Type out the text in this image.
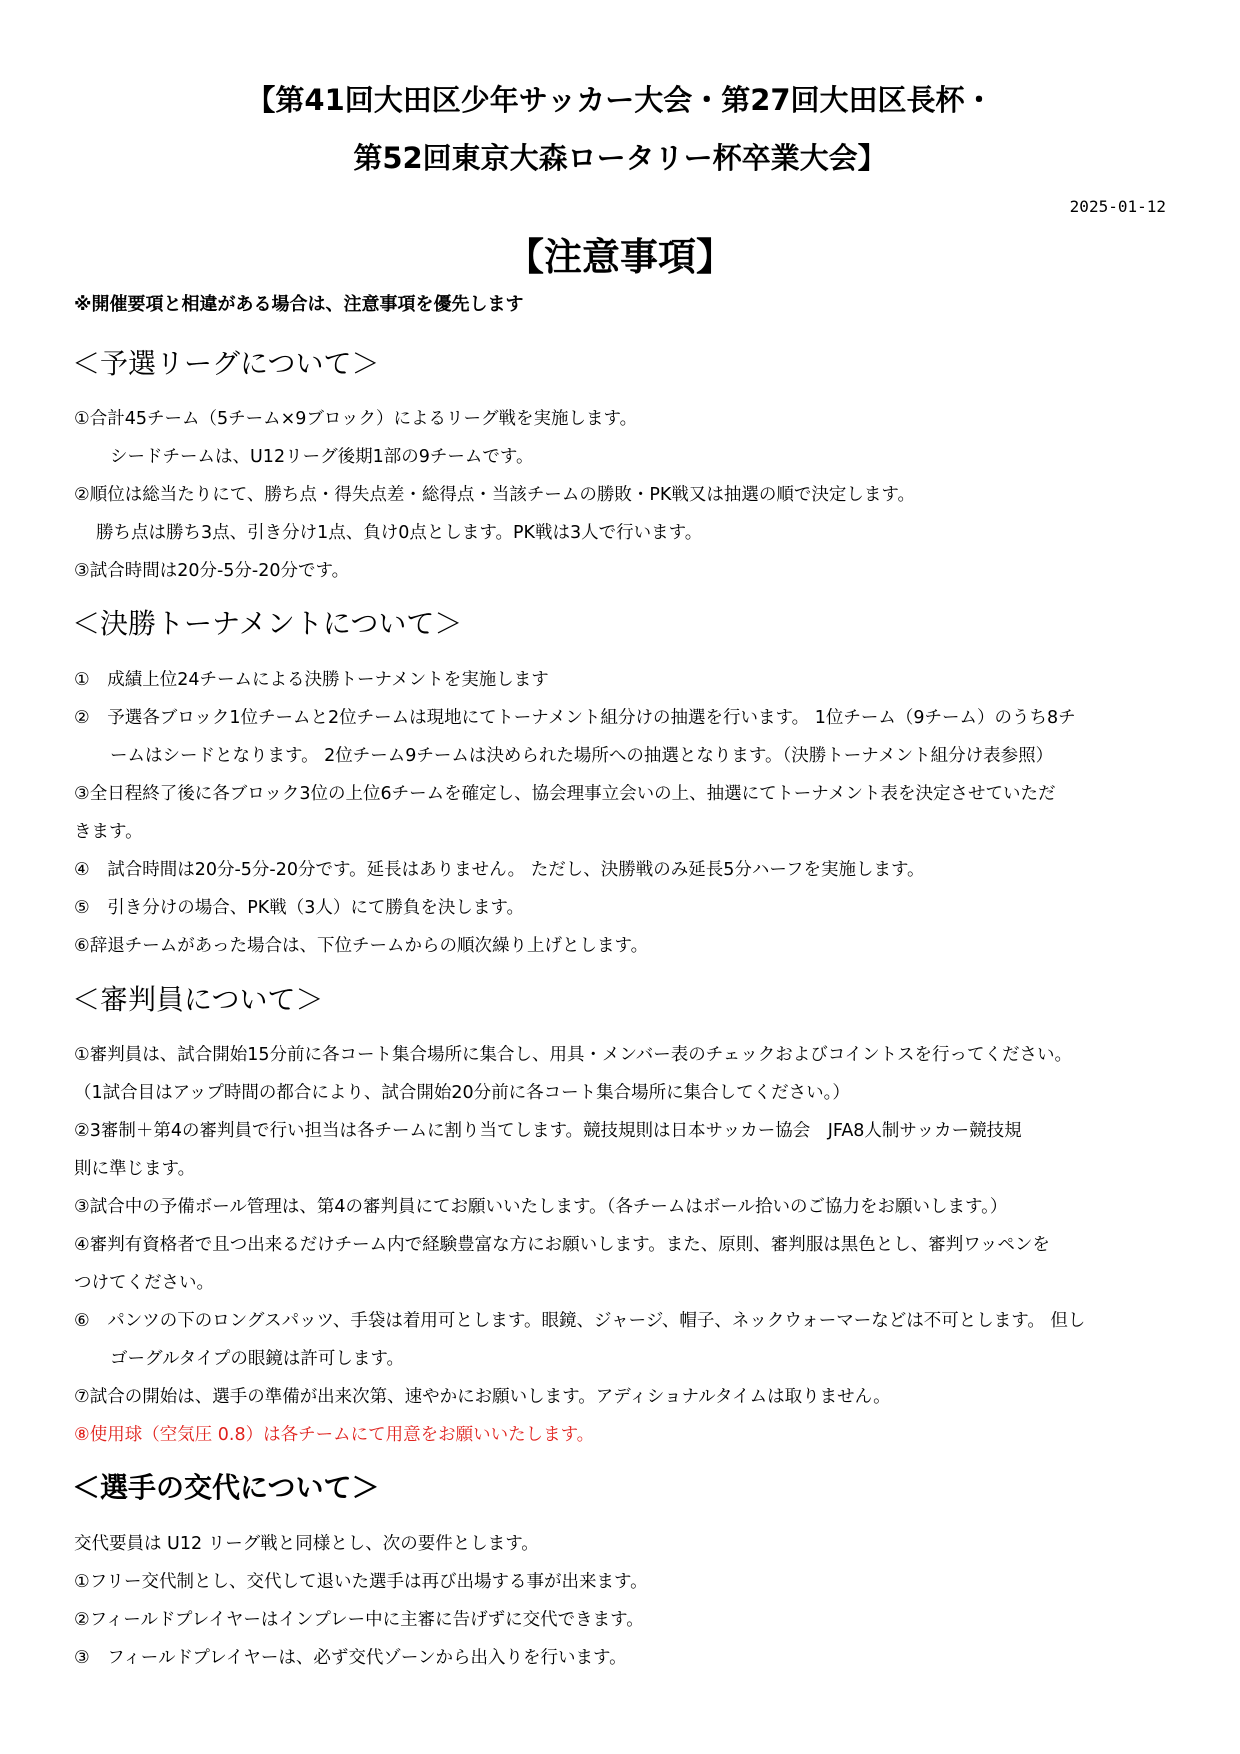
【第41回大田区少年サッカー大会・第27回大田区長杯・
第52回東京大森ロータリー杯卒業大会】
2025-01-12
【注意事項】
※開催要項と相違がある場合は、注意事項を優先します
＜予選リーグについて＞
①合計45チーム（5チーム×9ブロック）によるリーグ戦を実施します。
シードチームは、U12リーグ後期1部の9チームです。
②順位は総当たりにて、勝ち点・得失点差・総得点・当該チームの勝敗・PK戦又は抽選の順で決定します。
勝ち点は勝ち3点、引き分け1点、負け0点とします。PK戦は3人で行います。
③試合時間は20分-5分-20分です。
＜決勝トーナメントについて＞
①　成績上位24チームによる決勝トーナメントを実施します
②　予選各ブロック1位チームと2位チームは現地にてトーナメント組分けの抽選を行います。 1位チーム（9チーム）のうち8チ
ームはシードとなります。 2位チーム9チームは決められた場所への抽選となります。（決勝トーナメント組分け表参照）
③全日程終了後に各ブロック3位の上位6チームを確定し、協会理事立会いの上、抽選にてトーナメント表を決定させていただ
きます。
④　試合時間は20分-5分-20分です。延長はありません。 ただし、決勝戦のみ延長5分ハーフを実施します。
⑤　引き分けの場合、PK戦（3人）にて勝負を決します。
⑥辞退チームがあった場合は、下位チームからの順次繰り上げとします。
＜審判員について＞
①審判員は、試合開始15分前に各コート集合場所に集合し、用具・メンバー表のチェックおよびコイントスを行ってください。
（1試合目はアップ時間の都合により、試合開始20分前に各コート集合場所に集合してください。）
②3審制＋第4の審判員で行い担当は各チームに割り当てします。競技規則は日本サッカー協会　JFA8人制サッカー競技規
則に準じます。
③試合中の予備ボール管理は、第4の審判員にてお願いいたします。（各チームはボール拾いのご協力をお願いします。）
④審判有資格者で且つ出来るだけチーム内で経験豊富な方にお願いします。また、原則、審判服は黒色とし、審判ワッペンを
つけてください。
⑥　パンツの下のロングスパッツ、手袋は着用可とします。眼鏡、ジャージ、帽子、ネックウォーマーなどは不可とします。 但し
ゴーグルタイプの眼鏡は許可します。
⑦試合の開始は、選手の準備が出来次第、速やかにお願いします。アディショナルタイムは取りません。
⑧使用球（空気圧 0.8）は各チームにて用意をお願いいたします。
＜選手の交代について＞
交代要員は U12 リーグ戦と同様とし、次の要件とします。
①フリー交代制とし、交代して退いた選手は再び出場する事が出来ます。
②フィールドプレイヤーはインプレー中に主審に告げずに交代できます。
③　フィールドプレイヤーは、必ず交代ゾーンから出入りを行います。
